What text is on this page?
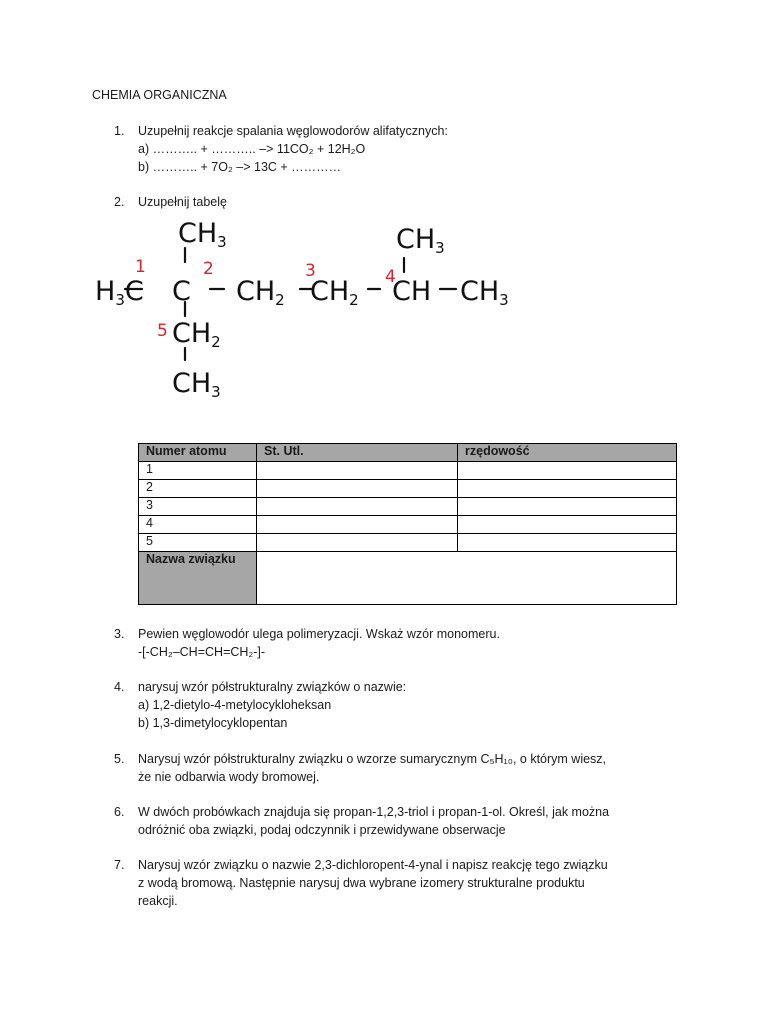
CHEMIA ORGANICZNA
1. Uzupełnij reakcje spalania węglowodorów alifatycznych:
a) ……….. + ……….. –> 11CO₂ + 12H₂O
b) ……….. + 7O₂ –> 13C + …………
2. Uzupełnij tabelę
CH3
H3C C CH2 CH2 CH CH3
CH3
CH2
CH3
1	2	3	4
5
Numer atomu	St. Utl.	rzędowość
1		
2		
3		
4		
5		
Nazwa związku		
3. Pewien węglowodór ulega polimeryzacji. Wskaż wzór monomeru.
-[-CH₂–CH=CH=CH₂-]-
4. narysuj wzór półstrukturalny związków o nazwie:
a) 1,2-dietylo-4-metylocykloheksan
b) 1,3-dimetylocyklopentan
5. Narysuj wzór półstrukturalny związku o wzorze sumarycznym C₅H₁₀, o którym wiesz,
że nie odbarwia wody bromowej.
6. W dwóch probówkach znajduja się propan-1,2,3-triol i propan-1-ol. Określ, jak można
odróżnić oba związki, podaj odczynnik i przewidywane obserwacje
7. Narysuj wzór związku o nazwie 2,3-dichloropent-4-ynal i napisz reakcję tego związku
z wodą bromową. Następnie narysuj dwa wybrane izomery strukturalne produktu
reakcji.
